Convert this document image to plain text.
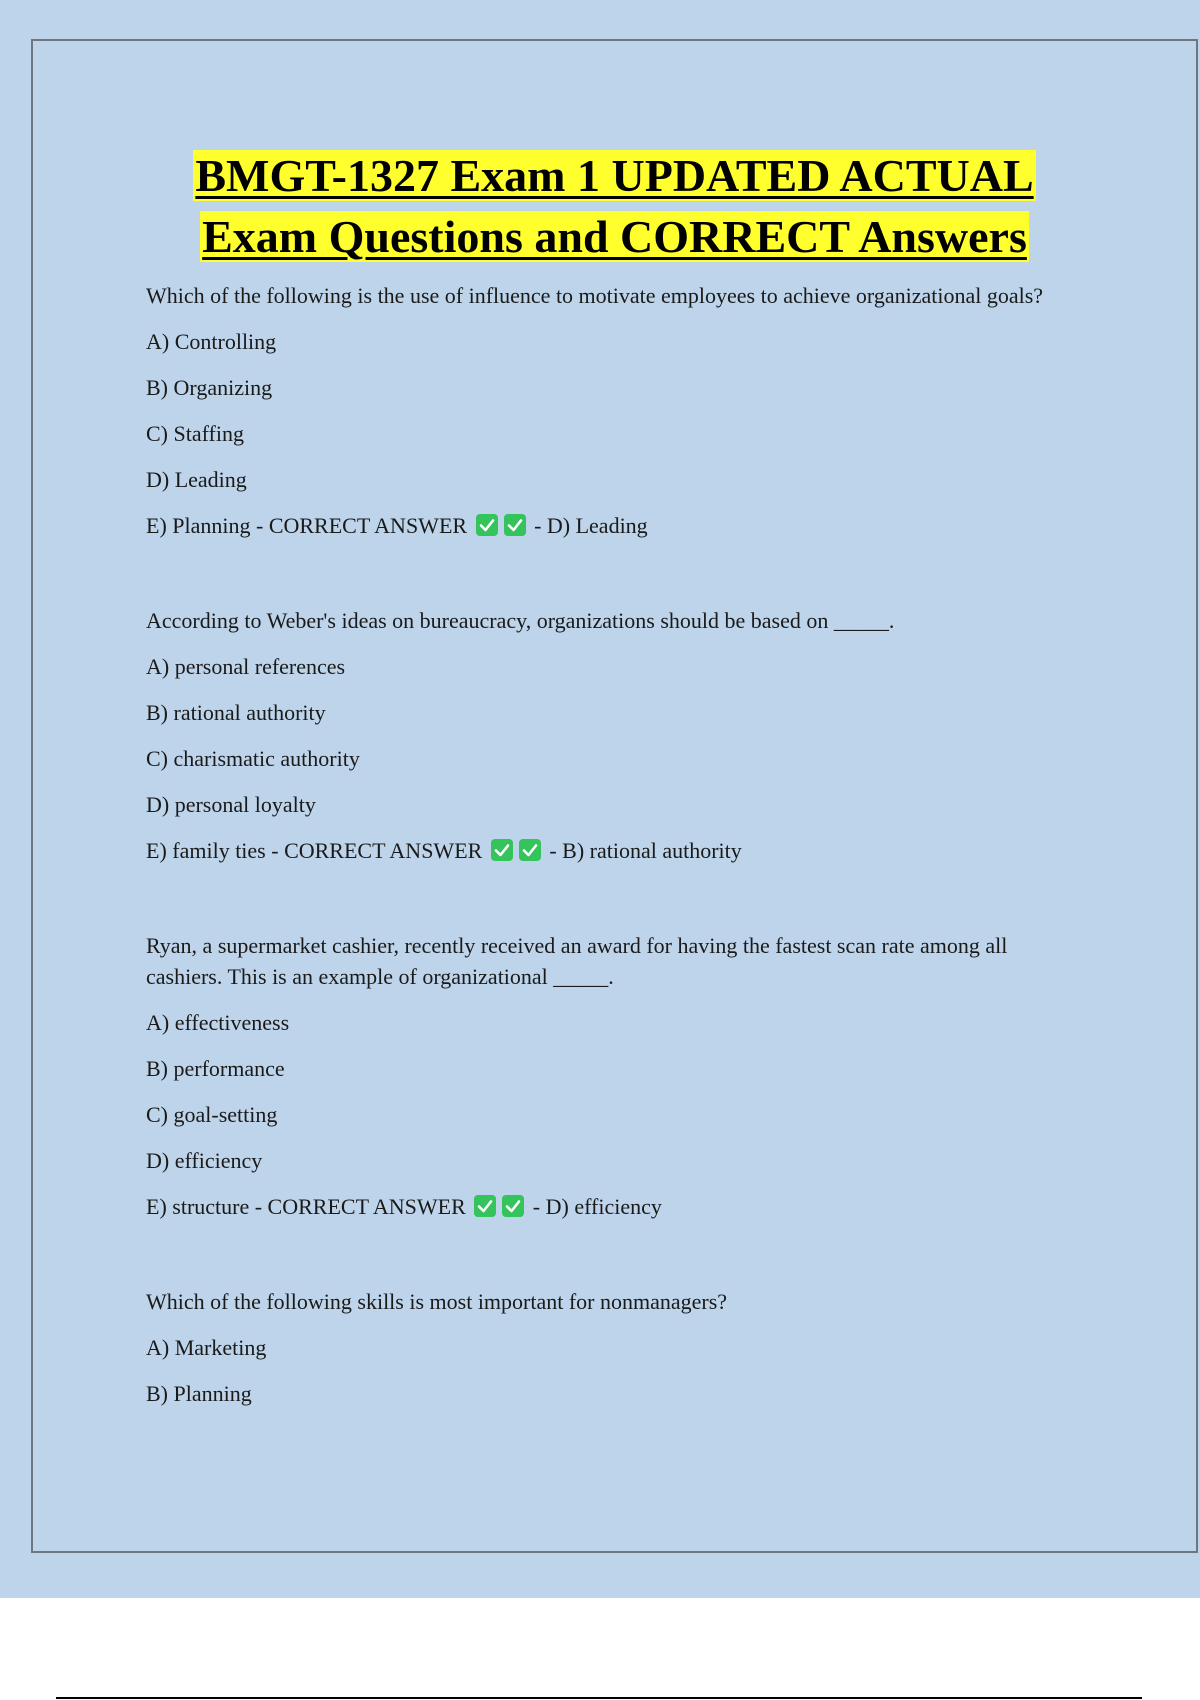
BMGT-1327 Exam 1 UPDATED ACTUAL
Exam Questions and CORRECT Answers

Which of the following is the use of influence to motivate employees to achieve organizational goals?

A) Controlling

B) Organizing

C) Staffing

D) Leading

E) Planning - CORRECT ANSWER	- D) Leading

According to Weber's ideas on bureaucracy, organizations should be based on _____.

A) personal references

B) rational authority

C) charismatic authority

D) personal loyalty

E) family ties - CORRECT ANSWER	- B) rational authority

Ryan, a supermarket cashier, recently received an award for having the fastest scan rate among all cashiers. This is an example of organizational _____.

A) effectiveness

B) performance

C) goal-setting

D) efficiency

E) structure - CORRECT ANSWER	- D) efficiency

Which of the following skills is most important for nonmanagers?

A) Marketing

B) Planning
